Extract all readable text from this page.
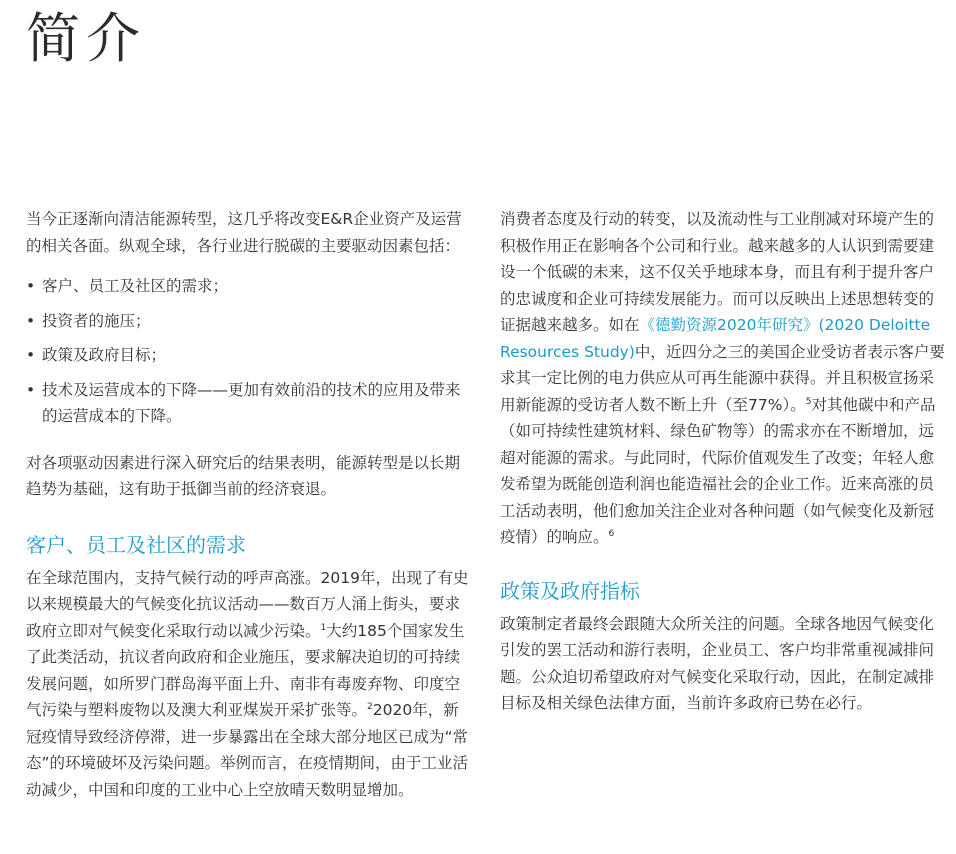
简介

当今正逐渐向清洁能源转型，这几乎将改变E&R企业资产及运营的相关各面。纵观全球，各行业进行脱碳的主要驱动因素包括：

• 客户、员工及社区的需求；
• 投资者的施压；
• 政策及政府目标；
• 技术及运营成本的下降——更加有效前沿的技术的应用及带来的运营成本的下降。

对各项驱动因素进行深入研究后的结果表明，能源转型是以长期趋势为基础，这有助于抵御当前的经济衰退。

客户、员工及社区的需求

在全球范围内，支持气候行动的呼声高涨。2019年，出现了有史以来规模最大的气候变化抗议活动——数百万人涌上街头，要求政府立即对气候变化采取行动以减少污染。$^1$大约185个国家发生了此类活动，抗议者向政府和企业施压，要求解决迫切的可持续发展问题，如所罗门群岛海平面上升、南非有毒废弃物、印度空气污染与塑料废物以及澳大利亚煤炭开采扩张等。$^2$2020年，新冠疫情导致经济停滞，进一步暴露出在全球大部分地区已成为“常态”的环境破坏及污染问题。举例而言，在疫情期间，由于工业活动减少，中国和印度的工业中心上空放晴天数明显增加。

消费者态度及行动的转变，以及流动性与工业削减对环境产生的积极作用正在影响各个公司和行业。越来越多的人认识到需要建设一个低碳的未来，这不仅关乎地球本身，而且有利于提升客户的忠诚度和企业可持续发展能力。而可以反映出上述思想转变的证据越来越多。如在《德勤资源2020年研究》(2020 Deloitte Resources Study)中，近四分之三的美国企业受访者表示客户要求其一定比例的电力供应从可再生能源中获得。并且积极宣扬采用新能源的受访者人数不断上升（至77%）。$^5$对其他碳中和产品（如可持续性建筑材料、绿色矿物等）的需求亦在不断增加，远超对能源的需求。与此同时，代际价值观发生了改变；年轻人愈发希望为既能创造利润也能造福社会的企业工作。近来高涨的员工活动表明，他们愈加关注企业对各种问题（如气候变化及新冠疫情）的响应。$^6$

政策及政府指标

政策制定者最终会跟随大众所关注的问题。全球各地因气候变化引发的罢工活动和游行表明，企业员工、客户均非常重视减排问题。公众迫切希望政府对气候变化采取行动，因此，在制定减排目标及相关绿色法律方面，当前许多政府已势在必行。
